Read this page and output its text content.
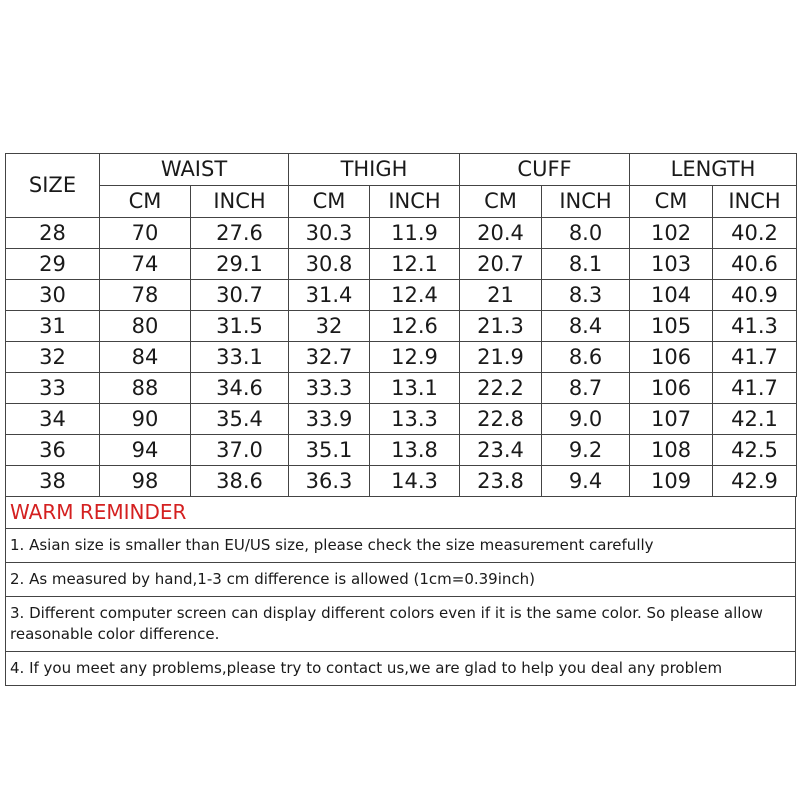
SIZE	WAIST		THIGH		CUFF		LENGTH	
	CM	INCH	CM	INCH	CM	INCH	CM	INCH
28	70	27.6	30.3	11.9	20.4	8.0	102	40.2
29	74	29.1	30.8	12.1	20.7	8.1	103	40.6
30	78	30.7	31.4	12.4	21	8.3	104	40.9
31	80	31.5	32	12.6	21.3	8.4	105	41.3
32	84	33.1	32.7	12.9	21.9	8.6	106	41.7
33	88	34.6	33.3	13.1	22.2	8.7	106	41.7
34	90	35.4	33.9	13.3	22.8	9.0	107	42.1
36	94	37.0	35.1	13.8	23.4	9.2	108	42.5
38	98	38.6	36.3	14.3	23.8	9.4	109	42.9
WARM REMINDER
1. Asian size is smaller than EU/US size, please check the size measurement carefully
2. As measured by hand,1-3 cm difference is allowed (1cm=0.39inch)
3. Different computer screen can display different colors even if it is the same color. So please allow reasonable color difference.
4. If you meet any problems,please try to contact us,we are glad to help you deal any problem
